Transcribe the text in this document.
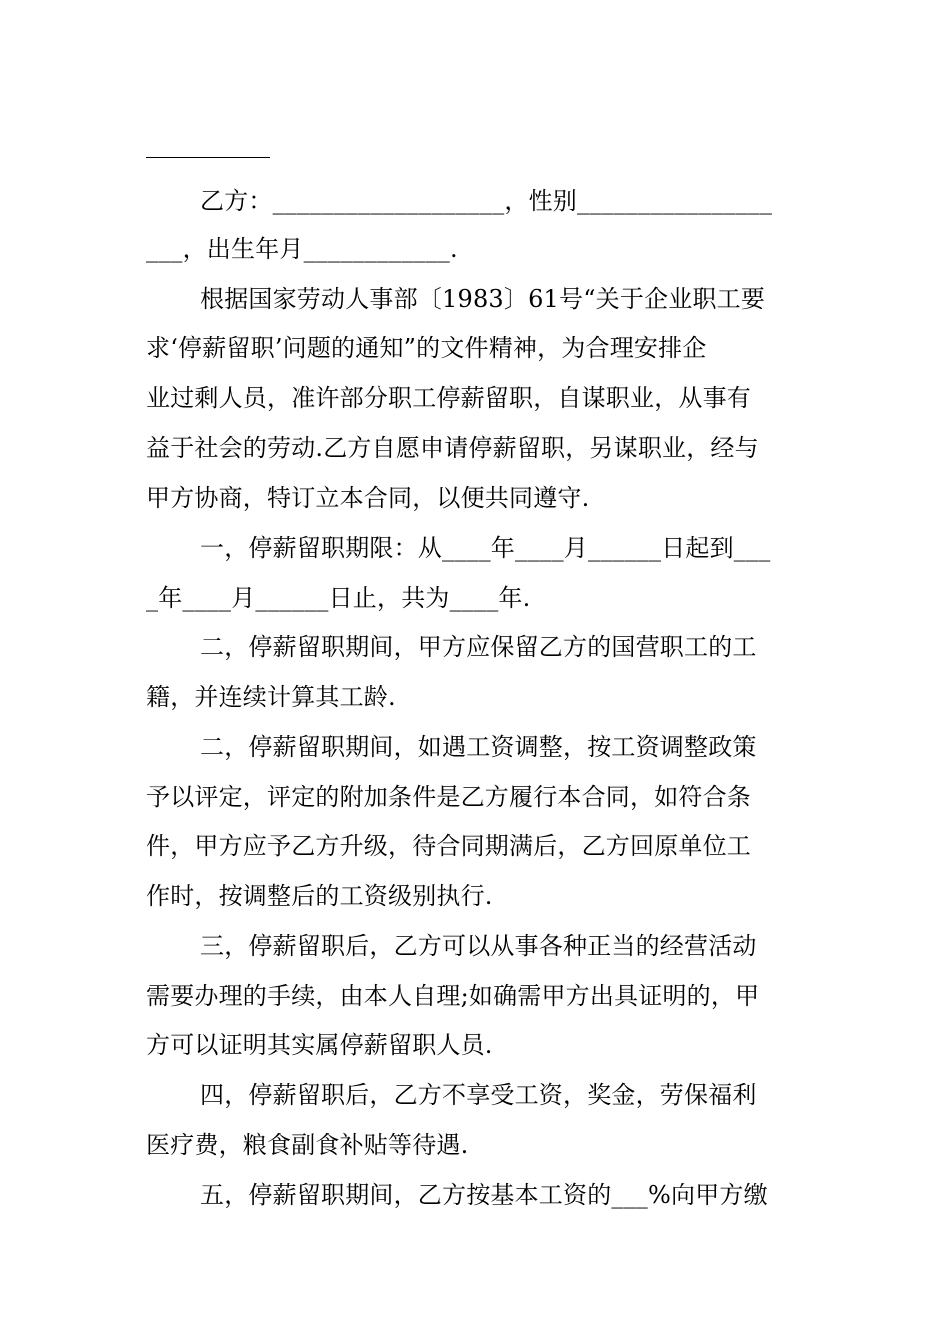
乙方：___________________，性别________________
___，出生年月____________.
根据国家劳动人事部〔1983〕61号“关于企业职工要
求‘停薪留职’问题的通知”的文件精神，为合理安排企
业过剩人员，准许部分职工停薪留职，自谋职业，从事有
益于社会的劳动.乙方自愿申请停薪留职，另谋职业，经与
甲方协商，特订立本合同，以便共同遵守.
一，停薪留职期限：从____年____月______日起到___
_年____月______日止，共为____年.
二，停薪留职期间，甲方应保留乙方的国营职工的工
籍，并连续计算其工龄.
二，停薪留职期间，如遇工资调整，按工资调整政策
予以评定，评定的附加条件是乙方履行本合同，如符合条
件，甲方应予乙方升级，待合同期满后，乙方回原单位工
作时，按调整后的工资级别执行.
三，停薪留职后，乙方可以从事各种正当的经营活动
需要办理的手续，由本人自理;如确需甲方出具证明的，甲
方可以证明其实属停薪留职人员.
四，停薪留职后，乙方不享受工资，奖金，劳保福利
医疗费，粮食副食补贴等待遇.
五，停薪留职期间，乙方按基本工资的___%向甲方缴
